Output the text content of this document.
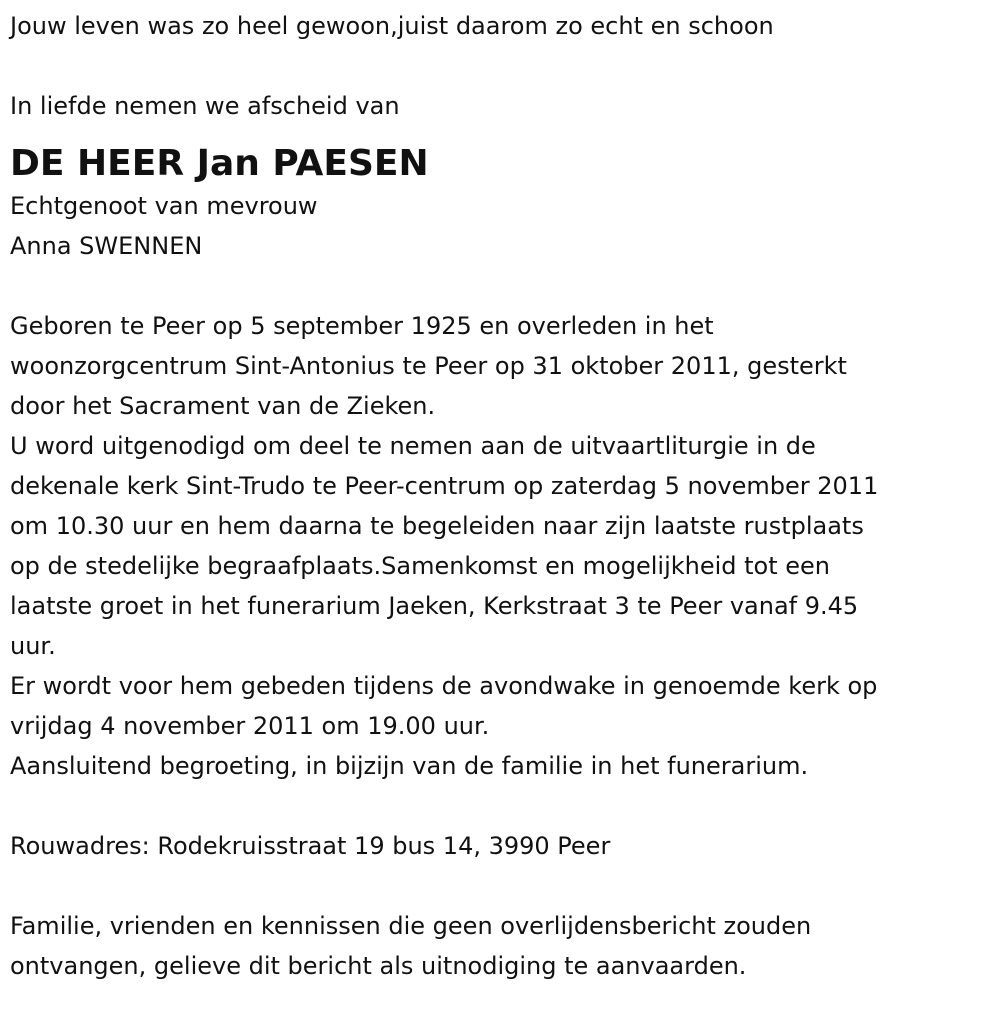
Jouw leven was zo heel gewoon,juist daarom zo echt en schoon
In liefde nemen we afscheid van
DE HEER Jan PAESEN
Echtgenoot van mevrouw
Anna SWENNEN
Geboren te Peer op 5 september 1925 en overleden in het
woonzorgcentrum Sint-Antonius te Peer op 31 oktober 2011, gesterkt
door het Sacrament van de Zieken.
U word uitgenodigd om deel te nemen aan de uitvaartliturgie in de
dekenale kerk Sint-Trudo te Peer-centrum op zaterdag 5 november 2011
om 10.30 uur en hem daarna te begeleiden naar zijn laatste rustplaats
op de stedelijke begraafplaats.Samenkomst en mogelijkheid tot een
laatste groet in het funerarium Jaeken, Kerkstraat 3 te Peer vanaf 9.45
uur.
Er wordt voor hem gebeden tijdens de avondwake in genoemde kerk op
vrijdag 4 november 2011 om 19.00 uur.
Aansluitend begroeting, in bijzijn van de familie in het funerarium.
Rouwadres: Rodekruisstraat 19 bus 14, 3990 Peer
Familie, vrienden en kennissen die geen overlijdensbericht zouden
ontvangen, gelieve dit bericht als uitnodiging te aanvaarden.
